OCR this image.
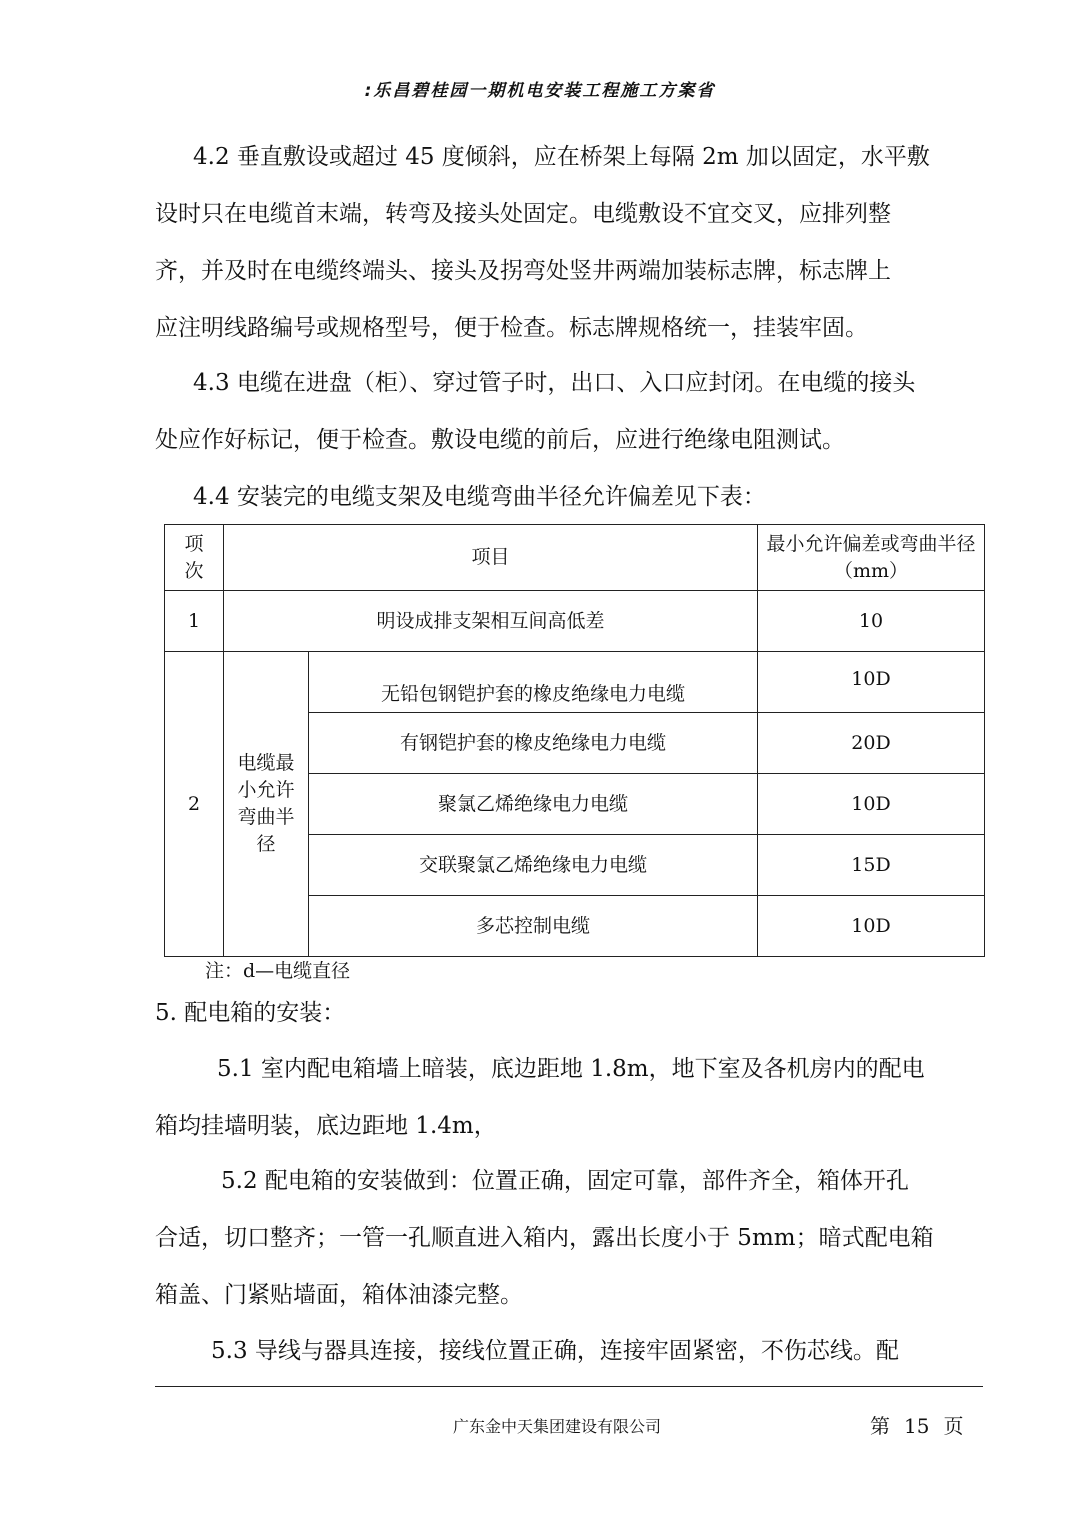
:乐昌碧桂园一期机电安装工程施工方案省

4.2 垂直敷设或超过 45 度倾斜，应在桥架上每隔 2m 加以固定，水平敷
设时只在电缆首末端，转弯及接头处固定。电缆敷设不宜交叉，应排列整
齐，并及时在电缆终端头、接头及拐弯处竖井两端加装标志牌，标志牌上
应注明线路编号或规格型号，便于检查。标志牌规格统一，挂装牢固。

4.3 电缆在进盘（柜）、穿过管子时，出口、入口应封闭。在电缆的接头
处应作好标记，便于检查。敷设电缆的前后，应进行绝缘电阻测试。

4.4 安装完的电缆支架及电缆弯曲半径允许偏差见下表：

项
次	项目		最小允许偏差或弯曲半径（mm）
1	明设成排支架相互间高低差		10
2	电缆最小允许弯曲半径	无铅包钢铠护套的橡皮绝缘电力电缆	10D
		有钢铠护套的橡皮绝缘电力电缆	20D
		聚氯乙烯绝缘电力电缆	10D
		交联聚氯乙烯绝缘电力电缆	15D
		多芯控制电缆	10D
注：d—电缆直径
5. 配电箱的安装：

5.1 室内配电箱墙上暗装，底边距地 1.8m，地下室及各机房内的配电
箱均挂墙明装，底边距地 1.4m，

5.2 配电箱的安装做到：位置正确，固定可靠，部件齐全，箱体开孔
合适，切口整齐；一管一孔顺直进入箱内，露出长度小于 5mm；暗式配电箱
箱盖、门紧贴墙面，箱体油漆完整。

5.3 导线与器具连接，接线位置正确，连接牢固紧密，不伤芯线。配

广东金中天集团建设有限公司	第 15 页
